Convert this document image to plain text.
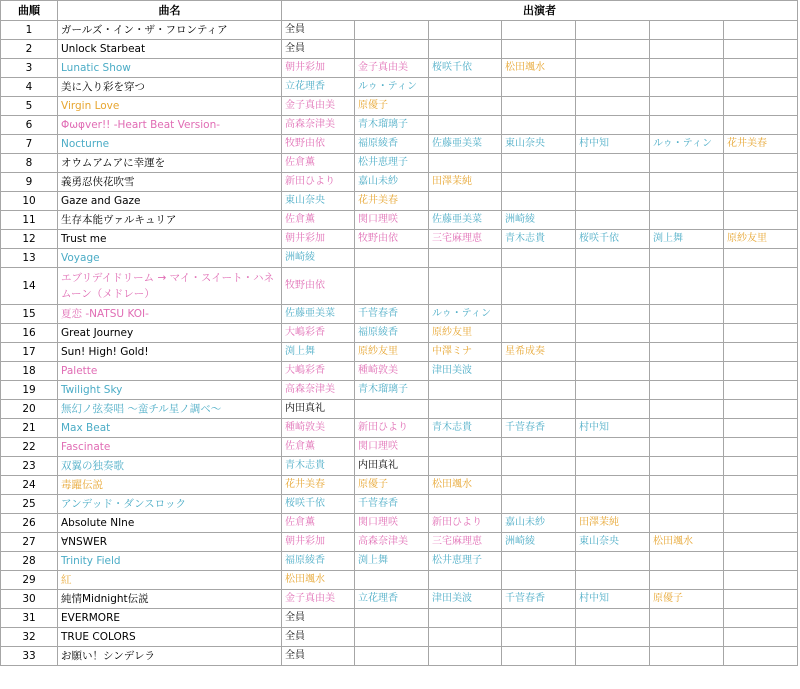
曲順	曲名	出演者						
1	ガールズ・イン・ザ・フロンティア	全員						
2	Unlock Starbeat	全員						
3	Lunatic Show	朝井彩加	金子真由美	桜咲千依	松田颯水			
4	美に入り彩を穿つ	立花理香	ルゥ・ティン					
5	Virgin Love	金子真由美	原優子					
6	Φωφver!! -Heart Beat Version-	高森奈津美	青木瑠璃子					
7	Nocturne	牧野由依	福原綾香	佐藤亜美菜	東山奈央	村中知	ルゥ・ティン	花井美春
8	オウムアムアに幸運を	佐倉薫	松井恵理子					
9	義勇忍侠花吹雪	新田ひより	嘉山未紗	田澤茉純				
10	Gaze and Gaze	東山奈央	花井美春					
11	生存本能ヴァルキュリア	佐倉薫	関口理咲	佐藤亜美菜	洲崎綾			
12	Trust me	朝井彩加	牧野由依	三宅麻理恵	青木志貴	桜咲千依	渕上舞	原紗友里
13	Voyage	洲崎綾						
14	エブリデイドリーム → マイ・スイート・ハネムーン（メドレー）	牧野由依						
15	夏恋 -NATSU KOI-	佐藤亜美菜	千菅春香	ルゥ・ティン				
16	Great Journey	大嶋彩香	福原綾香	原紗友里				
17	Sun! High! Gold!	渕上舞	原紗友里	中澤ミナ	星希成奏			
18	Palette	大嶋彩香	種崎敦美	津田美波				
19	Twilight Sky	高森奈津美	青木瑠璃子					
20	無幻ノ弦奏唱 ～蛮チル星ノ調ベ～	内田真礼						
21	Max Beat	種崎敦美	新田ひより	青木志貴	千菅春香	村中知		
22	Fascinate	佐倉薫	関口理咲					
23	双翼の独奏歌	青木志貴	内田真礼					
24	毒躍伝説	花井美春	原優子	松田颯水				
25	アンデッド・ダンスロック	桜咲千依	千菅春香					
26	Absolute NIne	佐倉薫	関口理咲	新田ひより	嘉山未紗	田澤茉純		
27	∀NSWER	朝井彩加	高森奈津美	三宅麻理恵	洲崎綾	東山奈央	松田颯水	
28	Trinity Field	福原綾香	渕上舞	松井恵理子				
29	紅	松田颯水						
30	純情Midnight伝説	金子真由美	立花理香	津田美波	千菅春香	村中知	原優子	
31	EVERMORE	全員						
32	TRUE COLORS	全員						
33	お願い！シンデレラ	全員						
